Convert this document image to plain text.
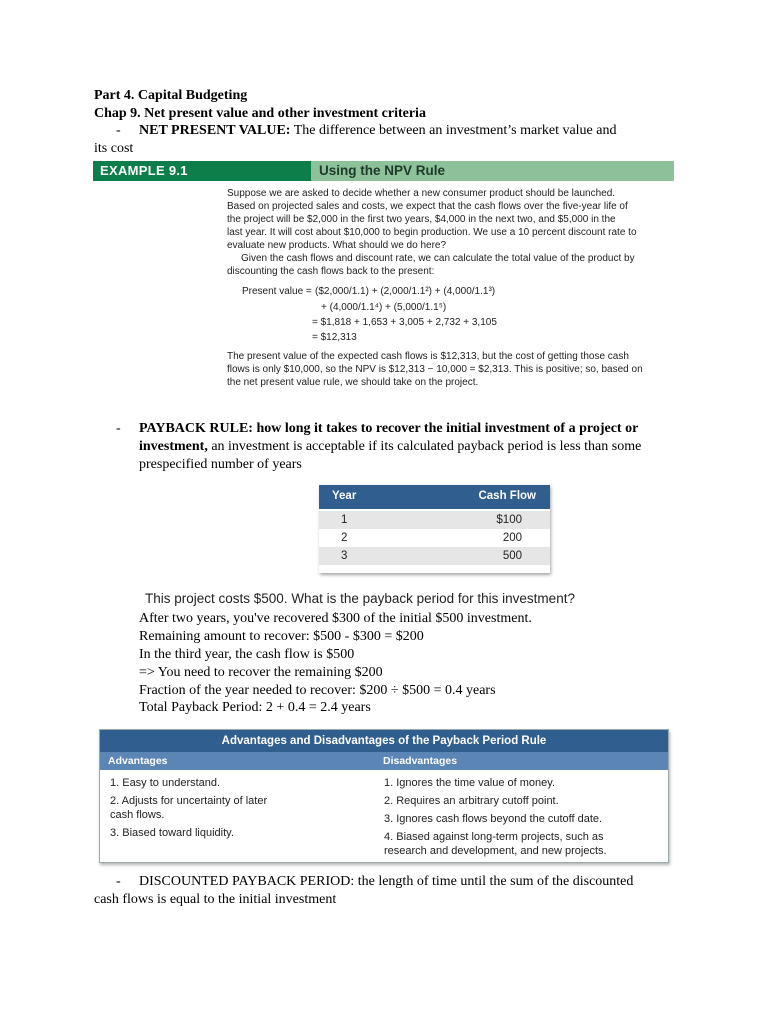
Part 4. Capital Budgeting
Chap 9. Net present value and other investment criteria
- NET PRESENT VALUE: The difference between an investment’s market value and
its cost
EXAMPLE 9.1	Using the NPV Rule
Suppose we are asked to decide whether a new consumer product should be launched.
Based on projected sales and costs, we expect that the cash flows over the five-year life of
the project will be $2,000 in the first two years, $4,000 in the next two, and $5,000 in the
last year. It will cost about $10,000 to begin production. We use a 10 percent discount rate to
evaluate new products. What should we do here?
Given the cash flows and discount rate, we can calculate the total value of the product by
discounting the cash flows back to the present:
Present value = ($2,000/1.1) + (2,000/1.1²) + (4,000/1.1³)
+ (4,000/1.1⁴) + (5,000/1.1⁵)
= $1,818 + 1,653 + 3,005 + 2,732 + 3,105
= $12,313
The present value of the expected cash flows is $12,313, but the cost of getting those cash
flows is only $10,000, so the NPV is $12,313 − 10,000 = $2,313. This is positive; so, based on
the net present value rule, we should take on the project.
- PAYBACK RULE: how long it takes to recover the initial investment of a project or
investment, an investment is acceptable if its calculated payback period is less than some
prespecified number of years
Year	Cash Flow
1	$100
2	200
3	500
This project costs $500. What is the payback period for this investment?
After two years, you've recovered $300 of the initial $500 investment.
Remaining amount to recover: $500 - $300 = $200
In the third year, the cash flow is $500
=> You need to recover the remaining $200
Fraction of the year needed to recover: $200 ÷ $500 = 0.4 years
Total Payback Period: 2 + 0.4 = 2.4 years
Advantages and Disadvantages of the Payback Period Rule
Advantages	Disadvantages
1. Easy to understand.
2. Adjusts for uncertainty of later
cash flows.
3. Biased toward liquidity.
1. Ignores the time value of money.
2. Requires an arbitrary cutoff point.
3. Ignores cash flows beyond the cutoff date.
4. Biased against long-term projects, such as
research and development, and new projects.
- DISCOUNTED PAYBACK PERIOD: the length of time until the sum of the discounted
cash flows is equal to the initial investment
